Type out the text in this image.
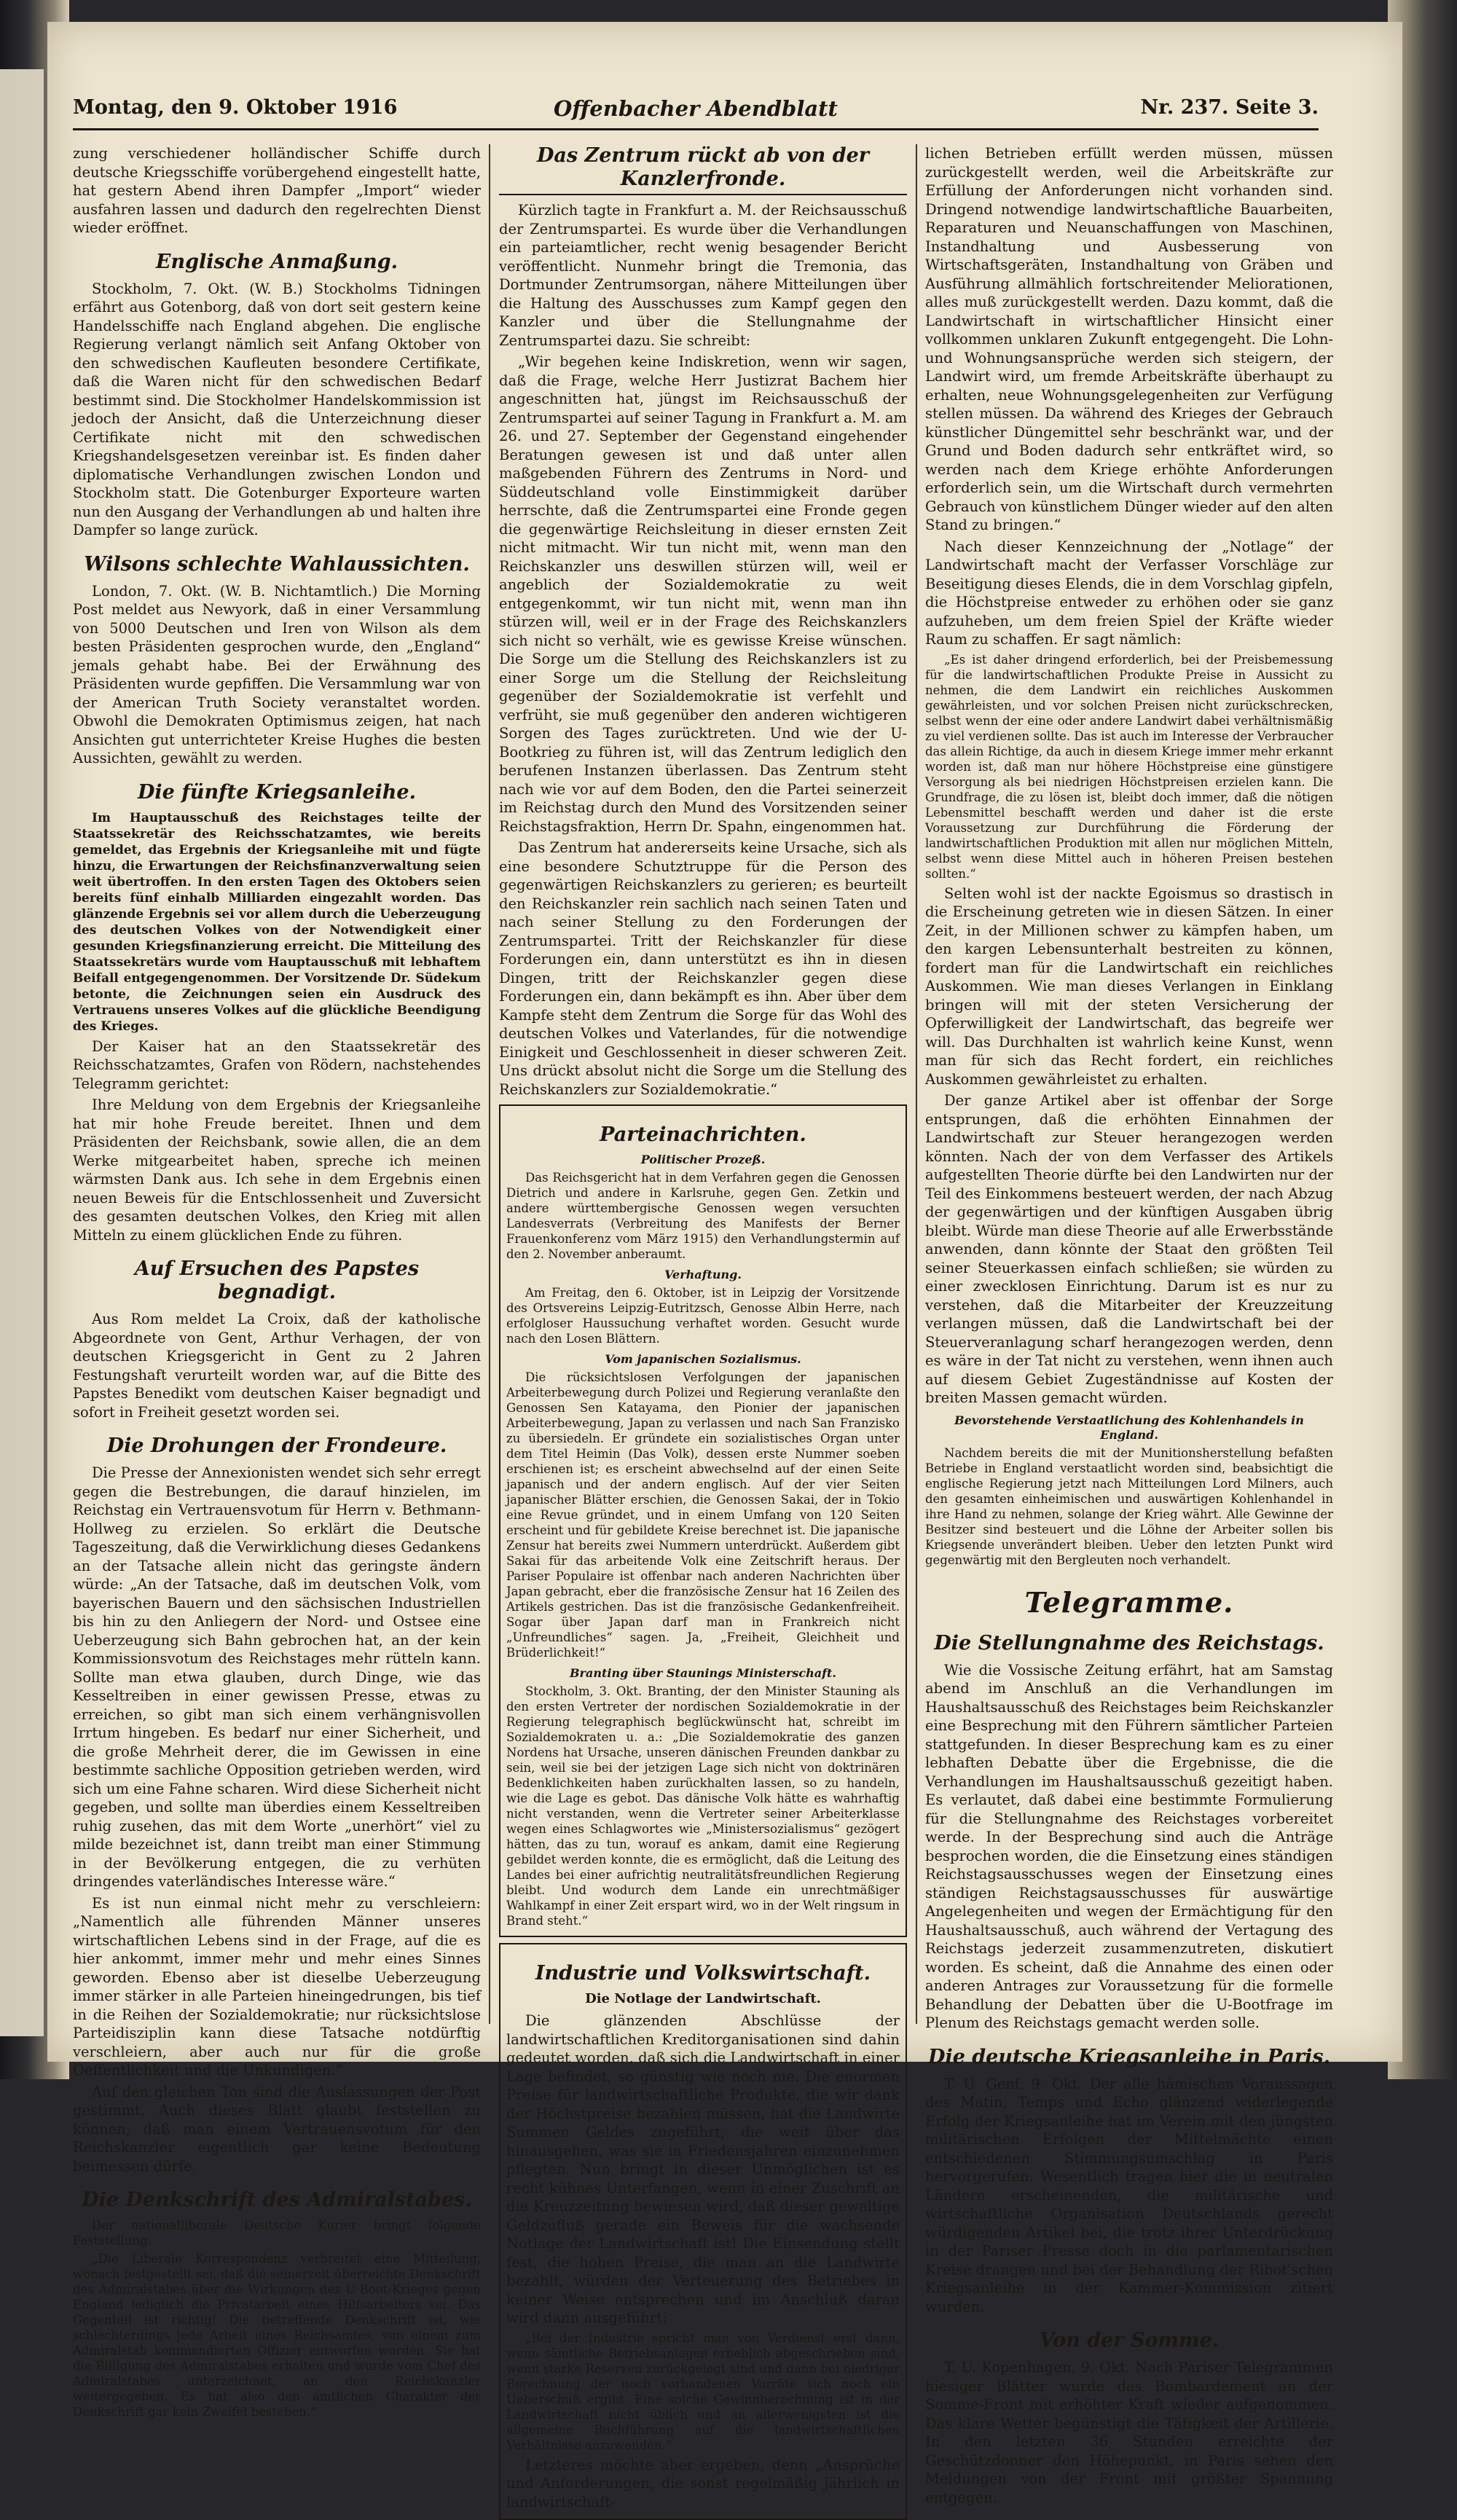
Montag, den 9. Oktober 1916	Offenbacher Abendblatt	Nr. 237. Seite 3.

zung verschiedener holländischer Schiffe durch deutsche Kriegsschiffe vorübergehend eingestellt hatte, hat gestern Abend ihren Dampfer „Import“ wieder ausfahren lassen und dadurch den regelrechten Dienst wieder eröffnet.

Englische Anmaßung.

Stockholm, 7. Okt. (W. B.) Stockholms Tidningen erfährt aus Gotenborg, daß von dort seit gestern keine Handelsschiffe nach England abgehen. Die englische Regierung verlangt nämlich seit Anfang Oktober von den schwedischen Kaufleuten besondere Certifikate, daß die Waren nicht für den schwedischen Bedarf bestimmt sind. Die Stockholmer Handelskommission ist jedoch der Ansicht, daß die Unterzeichnung dieser Certifikate nicht mit den schwedischen Kriegshandelsgesetzen vereinbar ist. Es finden daher diplomatische Verhandlungen zwischen London und Stockholm statt. Die Gotenburger Exporteure warten nun den Ausgang der Verhandlungen ab und halten ihre Dampfer so lange zurück.

Wilsons schlechte Wahlaussichten.

London, 7. Okt. (W. B. Nichtamtlich.) Die Morning Post meldet aus Newyork, daß in einer Versammlung von 5000 Deutschen und Iren von Wilson als dem besten Präsidenten gesprochen wurde, den „England“ jemals gehabt habe. Bei der Erwähnung des Präsidenten wurde gepfiffen. Die Versammlung war von der American Truth Society veranstaltet worden. Obwohl die Demokraten Optimismus zeigen, hat nach Ansichten gut unterrichteter Kreise Hughes die besten Aussichten, gewählt zu werden.

Die fünfte Kriegsanleihe.

Im Hauptausschuß des Reichstages teilte der Staatssekretär des Reichsschatzamtes, wie bereits gemeldet, das Ergebnis der Kriegsanleihe mit und fügte hinzu, die Erwartungen der Reichsfinanzverwaltung seien weit übertroffen. In den ersten Tagen des Oktobers seien bereits fünf einhalb Milliarden eingezahlt worden. Das glänzende Ergebnis sei vor allem durch die Ueberzeugung des deutschen Volkes von der Notwendigkeit einer gesunden Kriegsfinanzierung erreicht. Die Mitteilung des Staatssekretärs wurde vom Hauptausschuß mit lebhaftem Beifall entgegengenommen. Der Vorsitzende Dr. Südekum betonte, die Zeichnungen seien ein Ausdruck des Vertrauens unseres Volkes auf die glückliche Beendigung des Krieges.

Der Kaiser hat an den Staatssekretär des Reichsschatzamtes, Grafen von Rödern, nachstehendes Telegramm gerichtet:

Ihre Meldung von dem Ergebnis der Kriegsanleihe hat mir hohe Freude bereitet. Ihnen und dem Präsidenten der Reichsbank, sowie allen, die an dem Werke mitgearbeitet haben, spreche ich meinen wärmsten Dank aus. Ich sehe in dem Ergebnis einen neuen Beweis für die Entschlossenheit und Zuversicht des gesamten deutschen Volkes, den Krieg mit allen Mitteln zu einem glücklichen Ende zu führen.

Auf Ersuchen des Papstes begnadigt.

Aus Rom meldet La Croix, daß der katholische Abgeordnete von Gent, Arthur Verhagen, der von deutschen Kriegsgericht in Gent zu 2 Jahren Festungshaft verurteilt worden war, auf die Bitte des Papstes Benedikt vom deutschen Kaiser begnadigt und sofort in Freiheit gesetzt worden sei.

Die Drohungen der Frondeure.

Die Presse der Annexionisten wendet sich sehr erregt gegen die Bestrebungen, die darauf hinzielen, im Reichstag ein Vertrauensvotum für Herrn v. Bethmann-Hollweg zu erzielen. So erklärt die Deutsche Tageszeitung, daß die Verwirklichung dieses Gedankens an der Tatsache allein nicht das geringste ändern würde: „An der Tatsache, daß im deutschen Volk, vom bayerischen Bauern und den sächsischen Industriellen bis hin zu den Anliegern der Nord- und Ostsee eine Ueberzeugung sich Bahn gebrochen hat, an der kein Kommissionsvotum des Reichstages mehr rütteln kann. Sollte man etwa glauben, durch Dinge, wie das Kesseltreiben in einer gewissen Presse, etwas zu erreichen, so gibt man sich einem verhängnisvollen Irrtum hingeben. Es bedarf nur einer Sicherheit, und die große Mehrheit derer, die im Gewissen in eine bestimmte sachliche Opposition getrieben werden, wird sich um eine Fahne scharen. Wird diese Sicherheit nicht gegeben, und sollte man überdies einem Kesseltreiben ruhig zusehen, das mit dem Worte „unerhört“ viel zu milde bezeichnet ist, dann treibt man einer Stimmung in der Bevölkerung entgegen, die zu verhüten dringendes vaterländisches Interesse wäre.“

Es ist nun einmal nicht mehr zu verschleiern: „Namentlich alle führenden Männer unseres wirtschaftlichen Lebens sind in der Frage, auf die es hier ankommt, immer mehr und mehr eines Sinnes geworden. Ebenso aber ist dieselbe Ueberzeugung immer stärker in alle Parteien hineingedrungen, bis tief in die Reihen der Sozialdemokratie; nur rücksichtslose Parteidisziplin kann diese Tatsache notdürftig verschleiern, aber auch nur für die große Oeffentlichkeit und die Unkundigen.“

Auf den gleichen Ton sind die Auslassungen der Post gestimmt. Auch dieses Blatt glaubt feststellen zu können, daß man einem Vertrauensvotum für den Reichskanzler eigentlich gar keine Bedeutung beimessen dürfe.

Die Denkschrift des Admiralstabes.

Der nationalliberale Deutsche Kurier bringt folgende Feststellung:

„Die Liberale Korrespondenz verbreitet eine Mitteilung, wonach festgestellt sei, daß die seinerzeit überreichte Denkschrift des Admiralstabes über die Wirkungen des U-Boot-Krieges gegen England lediglich die Privatarbeit eines Hilfsarbeiters sei. Das Gegenteil ist richtig! Die betreffende Denkschrift ist, wie schlechterdings jede Arbeit eines Reichsamtes, von einem zum Admiralstab kommandierten Offizier entworfen worden. Sie hat die Billigung des Admiralstabes erhalten und wurde vom Chef des Admiralstabes unterzeichnet, an den Reichskanzler weitergegeben. Es hat also den amtlichen Charakter der Denkschrift gar kein Zweifel bestehen.“

Das Zentrum rückt ab von der Kanzlerfronde.

Kürzlich tagte in Frankfurt a. M. der Reichsausschuß der Zentrumspartei. Es wurde über die Verhandlungen ein parteiamtlicher, recht wenig besagender Bericht veröffentlicht. Nunmehr bringt die Tremonia, das Dortmunder Zentrumsorgan, nähere Mitteilungen über die Haltung des Ausschusses zum Kampf gegen den Kanzler und über die Stellungnahme der Zentrumspartei dazu. Sie schreibt:

„Wir begehen keine Indiskretion, wenn wir sagen, daß die Frage, welche Herr Justizrat Bachem hier angeschnitten hat, jüngst im Reichsausschuß der Zentrumspartei auf seiner Tagung in Frankfurt a. M. am 26. und 27. September der Gegenstand eingehender Beratungen gewesen ist und daß unter allen maßgebenden Führern des Zentrums in Nord- und Süddeutschland volle Einstimmigkeit darüber herrschte, daß die Zentrumspartei eine Fronde gegen die gegenwärtige Reichsleitung in dieser ernsten Zeit nicht mitmacht. Wir tun nicht mit, wenn man den Reichskanzler uns deswillen stürzen will, weil er angeblich der Sozialdemokratie zu weit entgegenkommt, wir tun nicht mit, wenn man ihn stürzen will, weil er in der Frage des Reichskanzlers sich nicht so verhält, wie es gewisse Kreise wünschen. Die Sorge um die Stellung des Reichskanzlers ist zu einer Sorge um die Stellung der Reichsleitung gegenüber der Sozialdemokratie ist verfehlt und verfrüht, sie muß gegenüber den anderen wichtigeren Sorgen des Tages zurücktreten. Und wie der U-Bootkrieg zu führen ist, will das Zentrum lediglich den berufenen Instanzen überlassen. Das Zentrum steht nach wie vor auf dem Boden, den die Partei seinerzeit im Reichstag durch den Mund des Vorsitzenden seiner Reichstagsfraktion, Herrn Dr. Spahn, eingenommen hat.

Das Zentrum hat andererseits keine Ursache, sich als eine besondere Schutztruppe für die Person des gegenwärtigen Reichskanzlers zu gerieren; es beurteilt den Reichskanzler rein sachlich nach seinen Taten und nach seiner Stellung zu den Forderungen der Zentrumspartei. Tritt der Reichskanzler für diese Forderungen ein, dann unterstützt es ihn in diesen Dingen, tritt der Reichskanzler gegen diese Forderungen ein, dann bekämpft es ihn. Aber über dem Kampfe steht dem Zentrum die Sorge für das Wohl des deutschen Volkes und Vaterlandes, für die notwendige Einigkeit und Geschlossenheit in dieser schweren Zeit. Uns drückt absolut nicht die Sorge um die Stellung des Reichskanzlers zur Sozialdemokratie.“

Parteinachrichten.
Politischer Prozeß.

Das Reichsgericht hat in dem Verfahren gegen die Genossen Dietrich und andere in Karlsruhe, gegen Gen. Zetkin und andere württembergische Genossen wegen versuchten Landesverrats (Verbreitung des Manifests der Berner Frauenkonferenz vom März 1915) den Verhandlungstermin auf den 2. November anberaumt.

Verhaftung.

Am Freitag, den 6. Oktober, ist in Leipzig der Vorsitzende des Ortsvereins Leipzig-Eutritzsch, Genosse Albin Herre, nach erfolgloser Haussuchung verhaftet worden. Gesucht wurde nach den Losen Blättern.

Vom japanischen Sozialismus.

Die rücksichtslosen Verfolgungen der japanischen Arbeiterbewegung durch Polizei und Regierung veranlaßte den Genossen Sen Katayama, den Pionier der japanischen Arbeiterbewegung, Japan zu verlassen und nach San Franzisko zu übersiedeln. Er gründete ein sozialistisches Organ unter dem Titel Heimin (Das Volk), dessen erste Nummer soeben erschienen ist; es erscheint abwechselnd auf der einen Seite japanisch und der andern englisch. Auf der vier Seiten japanischer Blätter erschien, die Genossen Sakai, der in Tokio eine Revue gründet, und in einem Umfang von 120 Seiten erscheint und für gebildete Kreise berechnet ist. Die japanische Zensur hat bereits zwei Nummern unterdrückt. Außerdem gibt Sakai für das arbeitende Volk eine Zeitschrift heraus. Der Pariser Populaire ist offenbar nach anderen Nachrichten über Japan gebracht, eber die französische Zensur hat 16 Zeilen des Artikels gestrichen. Das ist die französische Gedankenfreiheit. Sogar über Japan darf man in Frankreich nicht „Unfreundliches“ sagen. Ja, „Freiheit, Gleichheit und Brüderlichkeit!“

Branting über Staunings Ministerschaft.

Stockholm, 3. Okt. Branting, der den Minister Stauning als den ersten Vertreter der nordischen Sozialdemokratie in der Regierung telegraphisch beglückwünscht hat, schreibt im Sozialdemokraten u. a.: „Die Sozialdemokratie des ganzen Nordens hat Ursache, unseren dänischen Freunden dankbar zu sein, weil sie bei der jetzigen Lage sich nicht von doktrinären Bedenklichkeiten haben zurückhalten lassen, so zu handeln, wie die Lage es gebot. Das dänische Volk hätte es wahrhaftig nicht verstanden, wenn die Vertreter seiner Arbeiterklasse wegen eines Schlagwortes wie „Ministersozialismus“ gezögert hätten, das zu tun, worauf es ankam, damit eine Regierung gebildet werden konnte, die es ermöglicht, daß die Leitung des Landes bei einer aufrichtig neutralitätsfreundlichen Regierung bleibt. Und wodurch dem Lande ein unrechtmäßiger Wahlkampf in einer Zeit erspart wird, wo in der Welt ringsum in Brand steht.“

Industrie und Volkswirtschaft.
Die Notlage der Landwirtschaft.

Die glänzenden Abschlüsse der landwirtschaftlichen Kreditorganisationen sind dahin gedeutet worden, daß sich die Landwirtschaft in einer Lage befindet, so günstig wie noch nie. Die enormen Preise für landwirtschaftliche Produkte, die wir dank der Höchstpreise bezahlen müssen, hat die Landwirte Summen Geldes zugeführt, die weit über das hinausgehen, was sie in Friedensjahren einzunehmen pflegten. Nun bringt in dieser Unmöglichen ist es recht kühnes Unterfangen, wenn in einer Zuschrift an die Kreuzzeitung bewiesen wird, daß dieser gewaltige Geldzufluß gerade ein Beweis für die wachsende Notlage der Landwirtschaft ist! Die Einsendung stellt fest, die hohen Preise, die man an die Landwirte bezahlt, würden der Verteuerung des Betriebes in keiner Weise entsprechen und im Anschluß daran wird dann ausgeführt:

„Bei der Industrie spricht man von Verdienst erst dann, wenn sämtliche Betriebsanlagen erheblich abgeschrieben sind, wenn starke Reserven zurückgelegt sind und dann bei niedriger Berechnung der noch vorhandenen Vorräte sich noch ein Ueberschuß ergibt. Eine solche Gewinnberechnung ist in der Landwirtschaft nicht üblich und an allerwenigsten ist die allgemeine Buchführung auf die landwirtschaftlichen Verhältnisse anzuwenden.“

Letzteres möchte aber ergeben, denn „Ansprüche und Anforderungen, die sonst regelmäßig jährlich in landwirtschaft-

lichen Betrieben erfüllt werden müssen, müssen zurückgestellt werden, weil die Arbeitskräfte zur Erfüllung der Anforderungen nicht vorhanden sind. Dringend notwendige landwirtschaftliche Bauarbeiten, Reparaturen und Neuanschaffungen von Maschinen, Instandhaltung und Ausbesserung von Wirtschaftsgeräten, Instandhaltung von Gräben und Ausführung allmählich fortschreitender Meliorationen, alles muß zurückgestellt werden. Dazu kommt, daß die Landwirtschaft in wirtschaftlicher Hinsicht einer vollkommen unklaren Zukunft entgegengeht. Die Lohn- und Wohnungsansprüche werden sich steigern, der Landwirt wird, um fremde Arbeitskräfte überhaupt zu erhalten, neue Wohnungsgelegenheiten zur Verfügung stellen müssen. Da während des Krieges der Gebrauch künstlicher Düngemittel sehr beschränkt war, und der Grund und Boden dadurch sehr entkräftet wird, so werden nach dem Kriege erhöhte Anforderungen erforderlich sein, um die Wirtschaft durch vermehrten Gebrauch von künstlichem Dünger wieder auf den alten Stand zu bringen.“

Nach dieser Kennzeichnung der „Notlage“ der Landwirtschaft macht der Verfasser Vorschläge zur Beseitigung dieses Elends, die in dem Vorschlag gipfeln, die Höchstpreise entweder zu erhöhen oder sie ganz aufzuheben, um dem freien Spiel der Kräfte wieder Raum zu schaffen. Er sagt nämlich:

„Es ist daher dringend erforderlich, bei der Preisbemessung für die landwirtschaftlichen Produkte Preise in Aussicht zu nehmen, die dem Landwirt ein reichliches Auskommen gewährleisten, und vor solchen Preisen nicht zurückschrecken, selbst wenn der eine oder andere Landwirt dabei verhältnismäßig zu viel verdienen sollte. Das ist auch im Interesse der Verbraucher das allein Richtige, da auch in diesem Kriege immer mehr erkannt worden ist, daß man nur höhere Höchstpreise eine günstigere Versorgung als bei niedrigen Höchstpreisen erzielen kann. Die Grundfrage, die zu lösen ist, bleibt doch immer, daß die nötigen Lebensmittel beschafft werden und daher ist die erste Voraussetzung zur Durchführung die Förderung der landwirtschaftlichen Produktion mit allen nur möglichen Mitteln, selbst wenn diese Mittel auch in höheren Preisen bestehen sollten.“

Selten wohl ist der nackte Egoismus so drastisch in die Erscheinung getreten wie in diesen Sätzen. In einer Zeit, in der Millionen schwer zu kämpfen haben, um den kargen Lebensunterhalt bestreiten zu können, fordert man für die Landwirtschaft ein reichliches Auskommen. Wie man dieses Verlangen in Einklang bringen will mit der steten Versicherung der Opferwilligkeit der Landwirtschaft, das begreife wer will. Das Durchhalten ist wahrlich keine Kunst, wenn man für sich das Recht fordert, ein reichliches Auskommen gewährleistet zu erhalten.

Der ganze Artikel aber ist offenbar der Sorge entsprungen, daß die erhöhten Einnahmen der Landwirtschaft zur Steuer herangezogen werden könnten. Nach der von dem Verfasser des Artikels aufgestellten Theorie dürfte bei den Landwirten nur der Teil des Einkommens besteuert werden, der nach Abzug der gegenwärtigen und der künftigen Ausgaben übrig bleibt. Würde man diese Theorie auf alle Erwerbsstände anwenden, dann könnte der Staat den größten Teil seiner Steuerkassen einfach schließen; sie würden zu einer zwecklosen Einrichtung. Darum ist es nur zu verstehen, daß die Mitarbeiter der Kreuzzeitung verlangen müssen, daß die Landwirtschaft bei der Steuerveranlagung scharf herangezogen werden, denn es wäre in der Tat nicht zu verstehen, wenn ihnen auch auf diesem Gebiet Zugeständnisse auf Kosten der breiten Massen gemacht würden.

Bevorstehende Verstaatlichung des Kohlenhandels in England.

Nachdem bereits die mit der Munitionsherstellung befaßten Betriebe in England verstaatlicht worden sind, beabsichtigt die englische Regierung jetzt nach Mitteilungen Lord Milners, auch den gesamten einheimischen und auswärtigen Kohlenhandel in ihre Hand zu nehmen, solange der Krieg währt. Alle Gewinne der Besitzer sind besteuert und die Löhne der Arbeiter sollen bis Kriegsende unverändert bleiben. Ueber den letzten Punkt wird gegenwärtig mit den Bergleuten noch verhandelt.

Telegramme.
Die Stellungnahme des Reichstags.

Wie die Vossische Zeitung erfährt, hat am Samstag abend im Anschluß an die Verhandlungen im Haushaltsausschuß des Reichstages beim Reichskanzler eine Besprechung mit den Führern sämtlicher Parteien stattgefunden. In dieser Besprechung kam es zu einer lebhaften Debatte über die Ergebnisse, die die Verhandlungen im Haushaltsausschuß gezeitigt haben. Es verlautet, daß dabei eine bestimmte Formulierung für die Stellungnahme des Reichstages vorbereitet werde. In der Besprechung sind auch die Anträge besprochen worden, die die Einsetzung eines ständigen Reichstagsausschusses wegen der Einsetzung eines ständigen Reichstagsausschusses für auswärtige Angelegenheiten und wegen der Ermächtigung für den Haushaltsausschuß, auch während der Vertagung des Reichstags jederzeit zusammenzutreten, diskutiert worden. Es scheint, daß die Annahme des einen oder anderen Antrages zur Voraussetzung für die formelle Behandlung der Debatten über die U-Bootfrage im Plenum des Reichstags gemacht werden solle.

Die deutsche Kriegsanleihe in Paris.

T. U. Genf, 9. Okt. Der alle hämischen Voraussagen des Matin, Temps und Echo glänzend widerlegende Erfolg der Kriegsanleihe hat im Verein mit den jüngsten militärischen Erfolgen der Mittelmächte einen entschiedenen Stimmungsumschlag in Paris hervorgerufen. Wesentlich tragen hier die in neutralen Ländern erscheinenden, die militärische und wirtschaftliche Organisation Deutschlands gerecht würdigenden Artikel bei, die trotz ihrer Unterdrückung in der Pariser Presse doch in die parlamentarischen Kreise drangen und bei der Behandlung der Ribot'schen Kriegsanleihe in der Kammer-Kommission zitiert wurden.

Von der Somme.

T. U. Kopenhagen, 9. Okt. Nach Pariser Telegrammen hiesiger Blätter wurde das Bombardement an der Somme-Front mit erhöhter Kraft wieder aufgenommen. Das klare Wetter begünstigt die Tätigkeit der Artillerie. In den letzten 36 Stunden erreichte der Geschützdonner den Höhepunkt, in Paris sehen den Meldungen von der Front mit größter Spannung entgegen.
